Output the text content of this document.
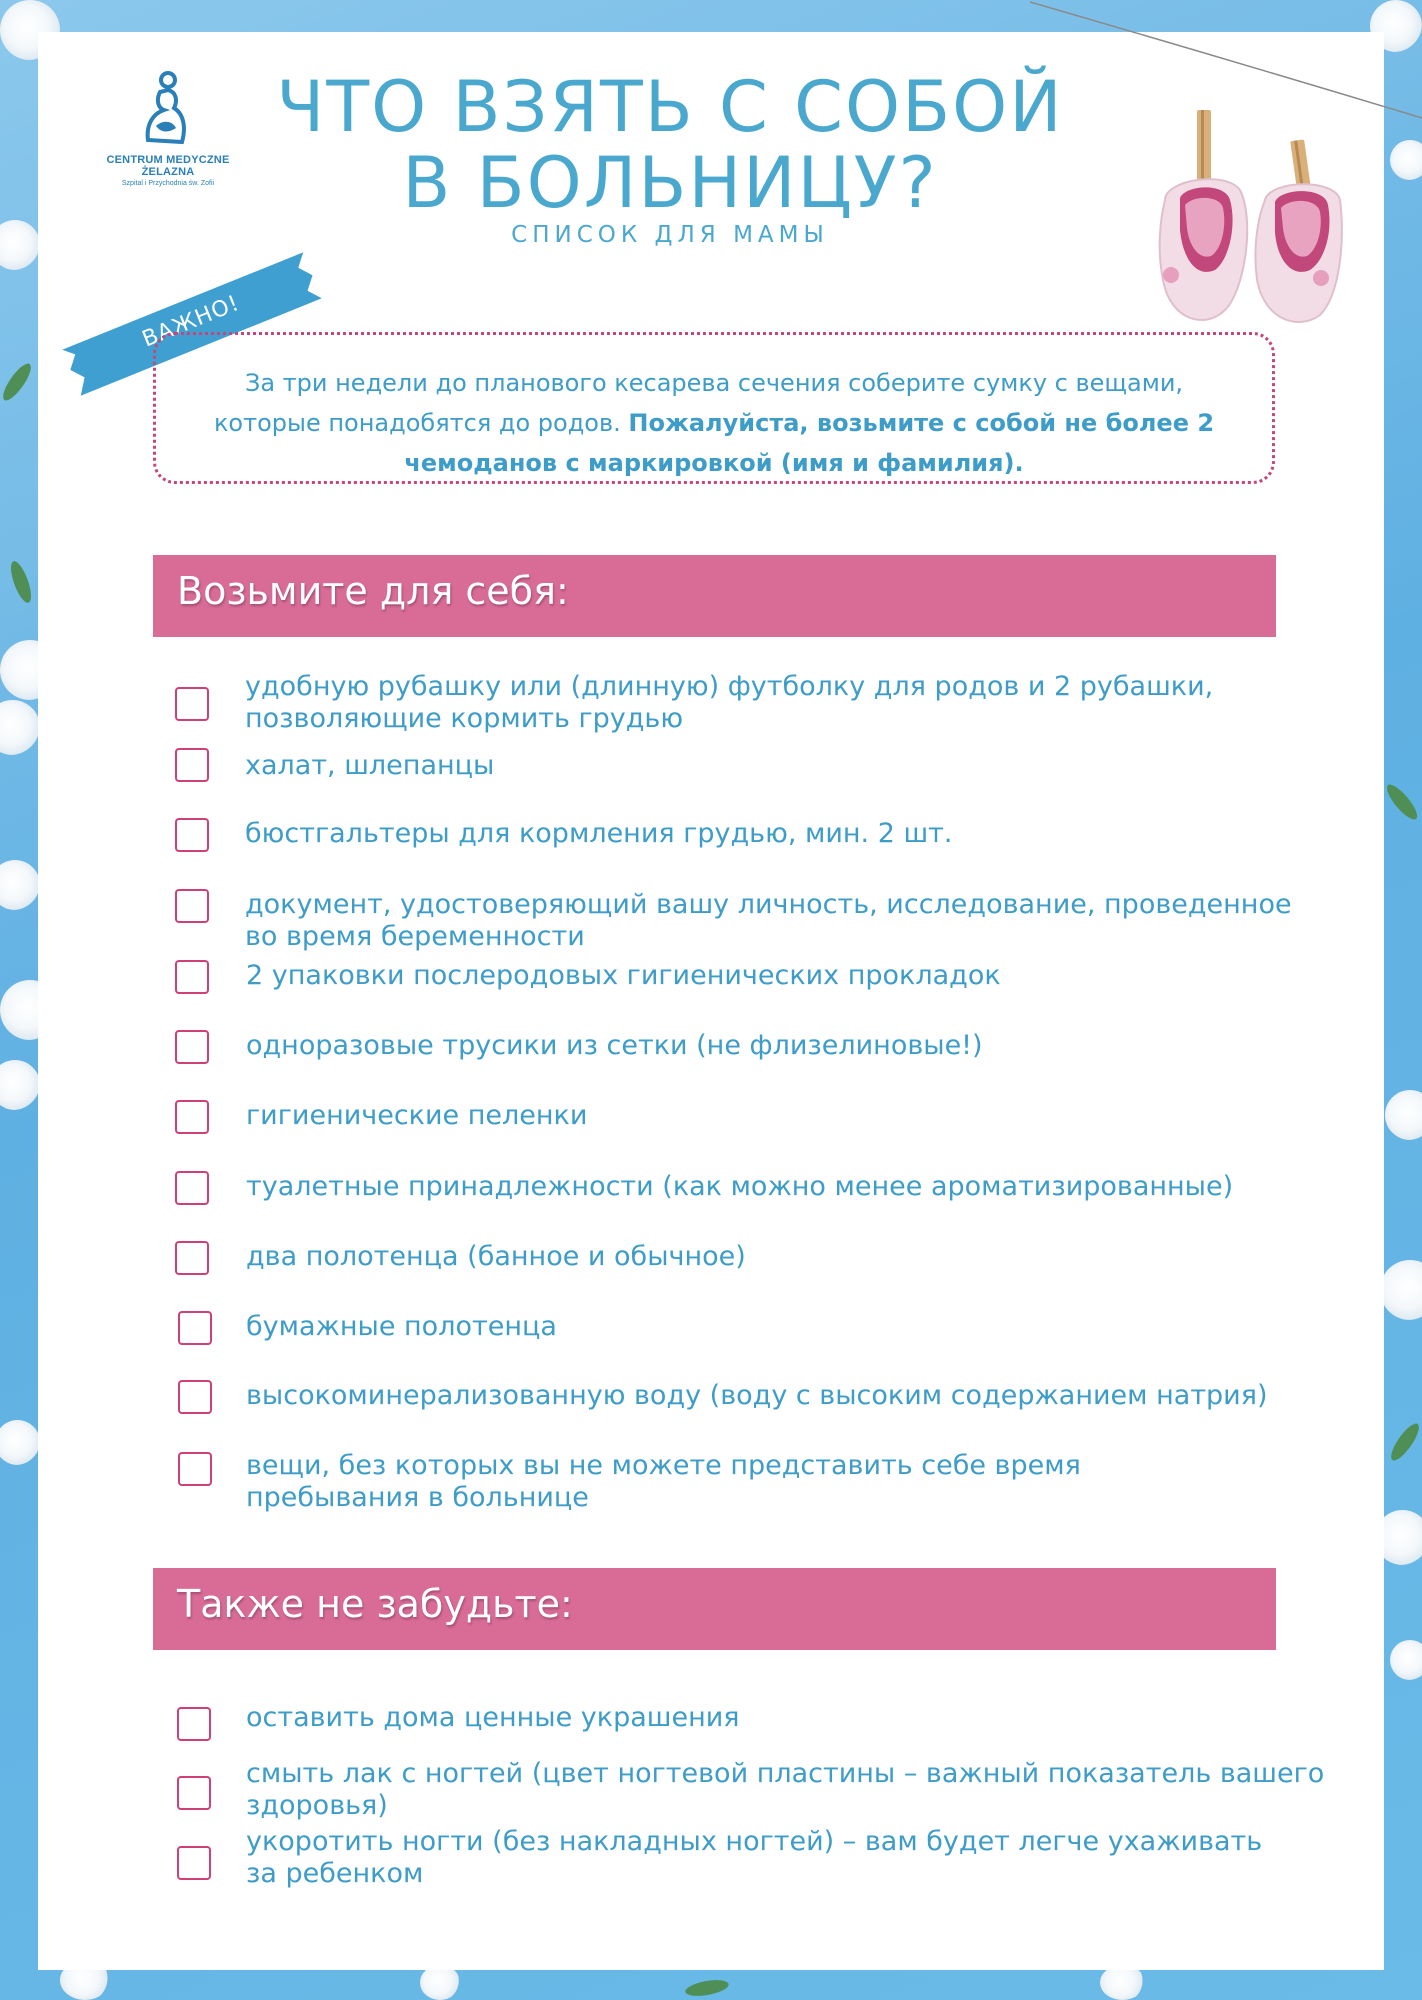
CENTRUM MEDYCZNE ŻELAZNA
Szpital i Przychodnia św. Zofii
ЧТО ВЗЯТЬ С СОБОЙ
В БОЛЬНИЦУ?
СПИСОК ДЛЯ МАМЫ
ВАЖНО!

За три недели до планового кесарева сечения соберите сумку с вещами, которые понадобятся до родов. Пожалуйста, возьмите с собой не более 2 чемоданов с маркировкой (имя и фамилия).

Возьмите для себя:
удобную рубашку или (длинную) футболку для родов и 2 рубашки,
позволяющие кормить грудью
халат, шлепанцы
бюстгальтеры для кормления грудью, мин. 2 шт.
документ, удостоверяющий вашу личность, исследование, проведенное
во время беременности
2 упаковки послеродовых гигиенических прокладок
одноразовые трусики из сетки (не флизелиновые!)
гигиенические пеленки
туалетные принадлежности (как можно менее ароматизированные)
два полотенца (банное и обычное)
бумажные полотенца
высокоминерализованную воду (воду с высоким содержанием натрия)
вещи, без которых вы не можете представить себе время
пребывания в больнице
Также не забудьте:
оставить дома ценные украшения
смыть лак с ногтей (цвет ногтевой пластины – важный показатель вашего
здоровья)
укоротить ногти (без накладных ногтей) – вам будет легче ухаживать
за ребенком
